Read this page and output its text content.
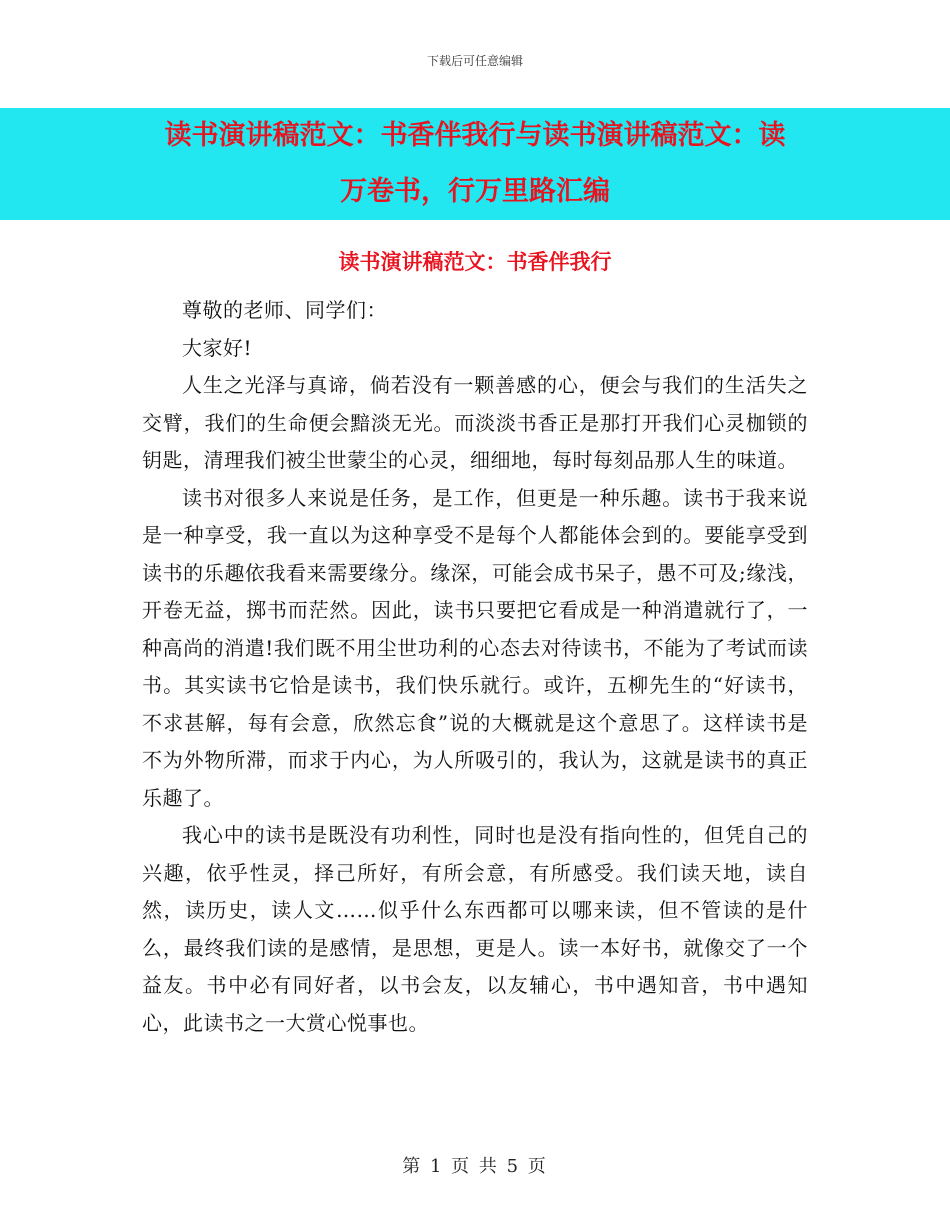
下载后可任意编辑
读书演讲稿范文：书香伴我行与读书演讲稿范文：读
万卷书，行万里路汇编
读书演讲稿范文：书香伴我行

尊敬的老师、同学们：

大家好!

人生之光泽与真谛，倘若没有一颗善感的心，便会与我们的生活失之交臂，我们的生命便会黯淡无光。而淡淡书香正是那打开我们心灵枷锁的钥匙，清理我们被尘世蒙尘的心灵，细细地，每时每刻品那人生的味道。

读书对很多人来说是任务，是工作，但更是一种乐趣。读书于我来说是一种享受，我一直以为这种享受不是每个人都能体会到的。要能享受到读书的乐趣依我看来需要缘分。缘深，可能会成书呆子，愚不可及;缘浅，开卷无益，掷书而茫然。因此，读书只要把它看成是一种消遣就行了，一种高尚的消遣!我们既不用尘世功利的心态去对待读书，不能为了考试而读书。其实读书它恰是读书，我们快乐就行。或许，五柳先生的“好读书，不求甚解，每有会意，欣然忘食”说的大概就是这个意思了。这样读书是不为外物所滞，而求于内心，为人所吸引的，我认为，这就是读书的真正乐趣了。

我心中的读书是既没有功利性，同时也是没有指向性的，但凭自己的兴趣，依乎性灵，择己所好，有所会意，有所感受。我们读天地，读自然，读历史，读人文……似乎什么东西都可以哪来读，但不管读的是什么，最终我们读的是感情，是思想，更是人。读一本好书，就像交了一个益友。书中必有同好者，以书会友，以友辅心，书中遇知音，书中遇知心，此读书之一大赏心悦事也。

第 1 页 共 5 页
